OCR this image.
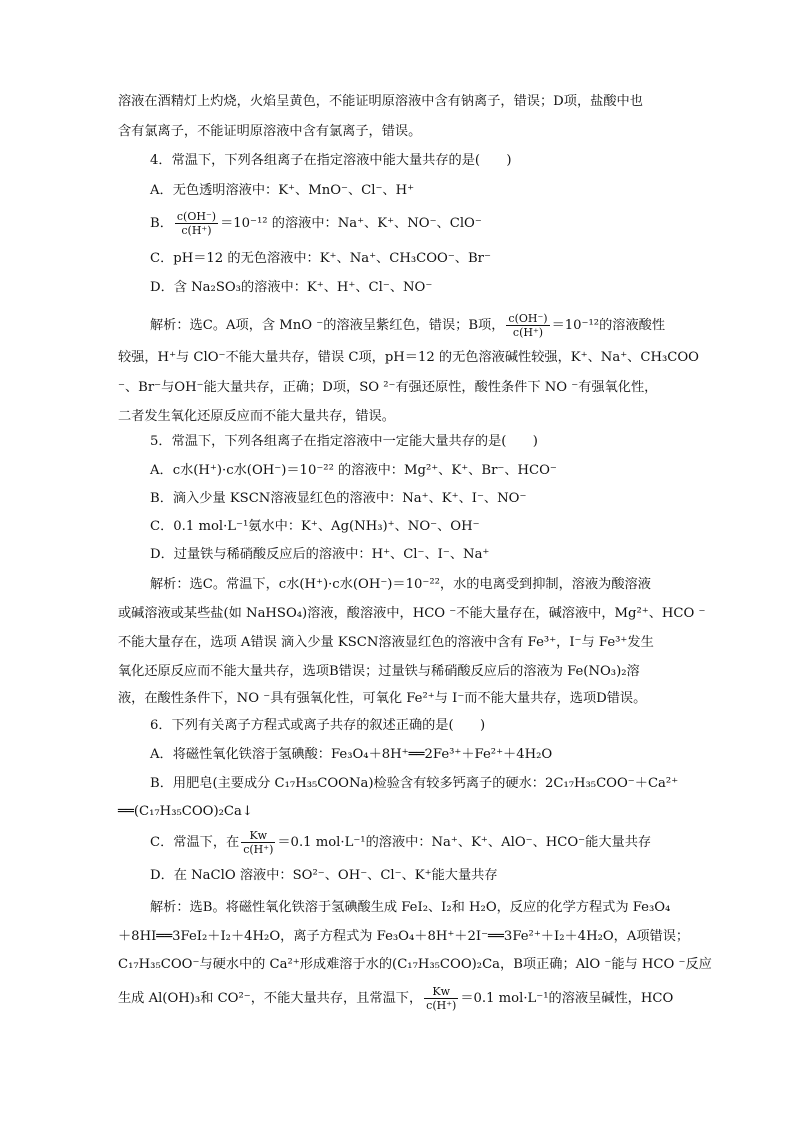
溶液在酒精灯上灼烧，火焰呈黄色，不能证明原溶液中含有钠离子，错误；D项，盐酸中也
含有氯离子，不能证明原溶液中含有氯离子，错误。
4．常温下，下列各组离子在指定溶液中能大量共存的是(　　)
A．无色透明溶液中：K⁺、MnO⁻、Cl⁻、H⁺
B． $\frac{c(OH^-)}{c(H^+)} =10^{-12}$ 的溶液中：Na⁺、K⁺、NO⁻、ClO⁻
C．pH＝12 的无色溶液中：K⁺、Na⁺、CH₃COO⁻、Br⁻
D．含 Na₂SO₃的溶液中：K⁺、H⁺、Cl⁻、NO⁻
解析：选C。A项，含 MnO ⁻的溶液呈紫红色，错误；B项， $\frac{c(OH^-)}{c(H^+)} =10^{-12}$的溶液酸性
较强，H⁺与 ClO⁻不能大量共存，错误 C项，pH＝12 的无色溶液碱性较强，K⁺、Na⁺、CH₃COO
⁻、Br⁻与OH⁻能大量共存，正确；D项，SO ²⁻有强还原性，酸性条件下 NO ⁻有强氧化性，
二者发生氧化还原反应而不能大量共存，错误。
5．常温下，下列各组离子在指定溶液中一定能大量共存的是(　　)
A．c水(H⁺)·c水(OH⁻)＝10⁻²² 的溶液中：Mg²⁺、K⁺、Br⁻、HCO⁻
B．滴入少量 KSCN溶液显红色的溶液中：Na⁺、K⁺、I⁻、NO⁻
C．0.1 mol·L⁻¹氨水中：K⁺、Ag(NH₃)⁺、NO⁻、OH⁻
D．过量铁与稀硝酸反应后的溶液中：H⁺、Cl⁻、I⁻、Na⁺
解析：选C。常温下，c水(H⁺)·c水(OH⁻)＝10⁻²²，水的电离受到抑制，溶液为酸溶液
或碱溶液或某些盐(如 NaHSO₄)溶液，酸溶液中，HCO ⁻不能大量存在，碱溶液中，Mg²⁺、HCO ⁻
不能大量存在，选项 A错误 滴入少量 KSCN溶液显红色的溶液中含有 Fe³⁺，I⁻与 Fe³⁺发生
氧化还原反应而不能大量共存，选项B错误；过量铁与稀硝酸反应后的溶液为 Fe(NO₃)₂溶
液，在酸性条件下，NO ⁻具有强氧化性，可氧化 Fe²⁺与 I⁻而不能大量共存，选项D错误。
6．下列有关离子方程式或离子共存的叙述正确的是(　　)
A．将磁性氧化铁溶于氢碘酸：Fe₃O₄＋8H⁺══2Fe³⁺＋Fe²⁺＋4H₂O
B．用肥皂(主要成分 C₁₇H₃₅COONa)检验含有较多钙离子的硬水：2C₁₇H₃₅COO⁻＋Ca²⁺
══(C₁₇H₃₅COO)₂Ca↓
C．常温下，在 $\frac{Kw}{c(H^+)} =0.1$ mol·L⁻¹的溶液中：Na⁺、K⁺、AlO⁻、HCO⁻能大量共存
D．在 NaClO 溶液中：SO²⁻、OH⁻、Cl⁻、K⁺能大量共存
解析：选B。将磁性氧化铁溶于氢碘酸生成 FeI₂、I₂和 H₂O，反应的化学方程式为 Fe₃O₄
＋8HI══3FeI₂＋I₂＋4H₂O，离子方程式为 Fe₃O₄＋8H⁺＋2I⁻══3Fe²⁺＋I₂＋4H₂O，A项错误；
C₁₇H₃₅COO⁻与硬水中的 Ca²⁺形成难溶于水的(C₁₇H₃₅COO)₂Ca，B项正确；AlO ⁻能与 HCO ⁻反应
生成 Al(OH)₃和 CO²⁻，不能大量共存，且常温下， $\frac{Kw}{c(H^+)} =0.1$ mol·L⁻¹的溶液呈碱性，HCO
